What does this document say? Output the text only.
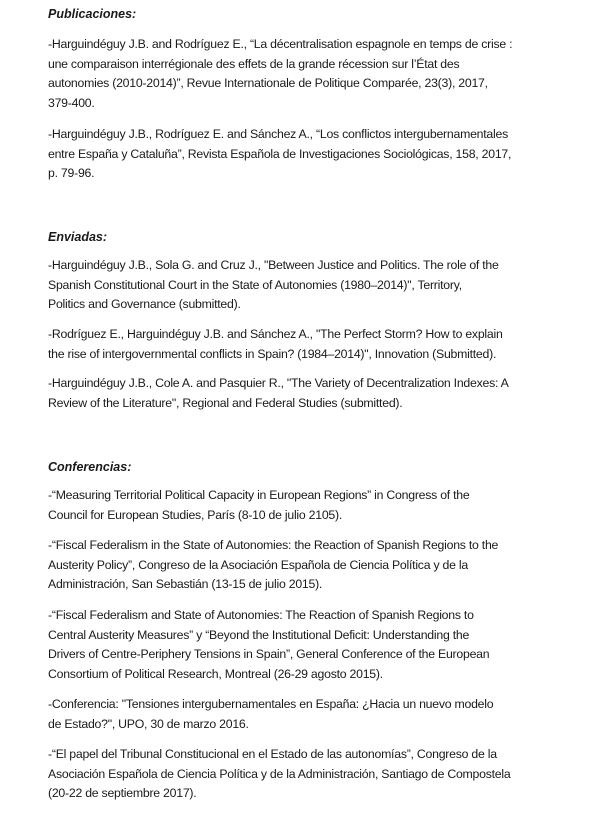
Publicaciones:
-Harguindéguy J.B. and Rodríguez E., “La décentralisation espagnole en temps de crise :
une comparaison interrégionale des effets de la grande récession sur l’État des
autonomies (2010-2014)”, Revue Internationale de Politique Comparée, 23(3), 2017,
379-400.
-Harguindéguy J.B., Rodríguez E. and Sánchez A., “Los conflictos intergubernamentales
entre España y Cataluña”, Revista Española de Investigaciones Sociológicas, 158, 2017,
p. 79-96.
Enviadas:
-Harguindéguy J.B., Sola G. and Cruz J., "Between Justice and Politics. The role of the
Spanish Constitutional Court in the State of Autonomies (1980–2014)", Territory,
Politics and Governance (submitted).
-Rodríguez E., Harguindéguy J.B. and Sánchez A., "The Perfect Storm? How to explain
the rise of intergovernmental conflicts in Spain? (1984–2014)", Innovation (Submitted).
-Harguindéguy J.B., Cole A. and Pasquier R., "The Variety of Decentralization Indexes: A
Review of the Literature", Regional and Federal Studies (submitted).
Conferencias:
-“Measuring Territorial Political Capacity in European Regions” in Congress of the
Council for European Studies, París (8-10 de julio 2105).
-“Fiscal Federalism in the State of Autonomies: the Reaction of Spanish Regions to the
Austerity Policy”, Congreso de la Asociación Española de Ciencia Política y de la
Administración, San Sebastián (13-15 de julio 2015).
-“Fiscal Federalism and State of Autonomies: The Reaction of Spanish Regions to
Central Austerity Measures” y “Beyond the Institutional Deficit: Understanding the
Drivers of Centre-Periphery Tensions in Spain”, General Conference of the European
Consortium of Political Research, Montreal (26-29 agosto 2015).
-Conferencia: "Tensiones intergubernamentales en España: ¿Hacia un nuevo modelo
de Estado?", UPO, 30 de marzo 2016.
-“El papel del Tribunal Constitucional en el Estado de las autonomías”, Congreso de la
Asociación Española de Ciencia Política y de la Administración, Santiago de Compostela
(20-22 de septiembre 2017).
